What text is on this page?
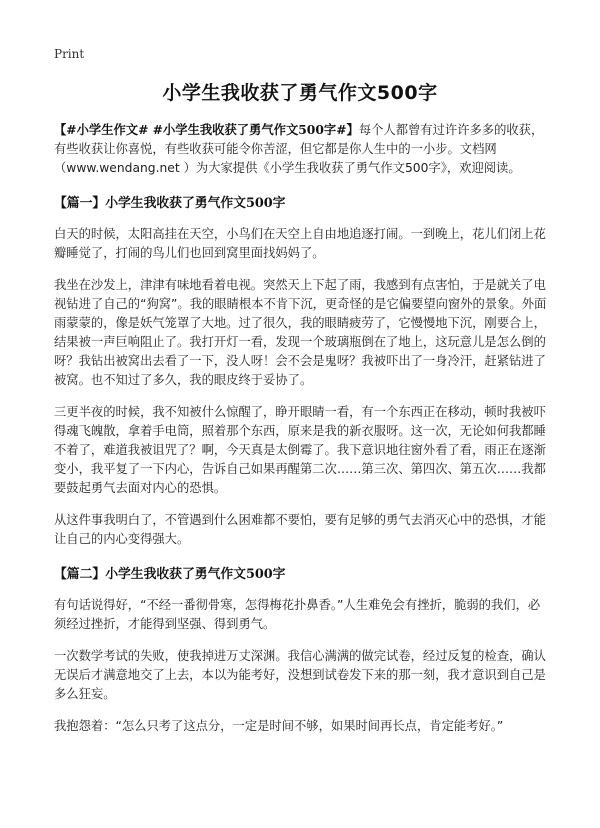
Print
小学生我收获了勇气作文500字

【#小学生作文# #小学生我收获了勇气作文500字#】每个人都曾有过许许多多的收获，有些收获让你喜悦，有些收获可能令你苦涩，但它都是你人生中的一小步。文档网（www.wendang.net ）为大家提供《小学生我收获了勇气作文500字》，欢迎阅读。

【篇一】小学生我收获了勇气作文500字

白天的时候，太阳高挂在天空，小鸟们在天空上自由地追逐打闹。一到晚上，花儿们闭上花瓣睡觉了，打闹的鸟儿们也回到窝里面找妈妈了。

我坐在沙发上，津津有味地看着电视。突然天上下起了雨，我感到有点害怕，于是就关了电视钻进了自己的“狗窝”。我的眼睛根本不肯下沉，更奇怪的是它偏要望向窗外的景象。外面雨蒙蒙的，像是妖气笼罩了大地。过了很久，我的眼睛疲劳了，它慢慢地下沉，刚要合上，结果被一声巨响阻止了。我打开灯一看，发现一个玻璃瓶倒在了地上，这玩意儿是怎么倒的呀？我钻出被窝出去看了一下，没人呀！会不会是鬼呀？我被吓出了一身冷汗，赶紧钻进了被窝。也不知过了多久，我的眼皮终于妥协了。

三更半夜的时候，我不知被什么惊醒了，睁开眼睛一看，有一个东西正在移动，顿时我被吓得魂飞魄散，拿着手电筒，照着那个东西，原来是我的新衣服呀。这一次，无论如何我都睡不着了，难道我被诅咒了？啊，今天真是太倒霉了。我下意识地往窗外看了看，雨正在逐渐变小，我平复了一下内心，告诉自己如果再醒第二次……第三次、第四次、第五次……我都要鼓起勇气去面对内心的恐惧。

从这件事我明白了，不管遇到什么困难都不要怕，要有足够的勇气去消灭心中的恐惧，才能让自己的内心变得强大。

【篇二】小学生我收获了勇气作文500字

有句话说得好，“不经一番彻骨寒，怎得梅花扑鼻香。”人生难免会有挫折，脆弱的我们，必须经过挫折，才能得到坚强、得到勇气。

一次数学考试的失败，使我掉进万丈深渊。我信心满满的做完试卷，经过反复的检查，确认无误后才满意地交了上去，本以为能考好，没想到试卷发下来的那一刻，我才意识到自己是多么狂妄。

我抱怨着：“怎么只考了这点分，一定是时间不够，如果时间再长点，肯定能考好。”
